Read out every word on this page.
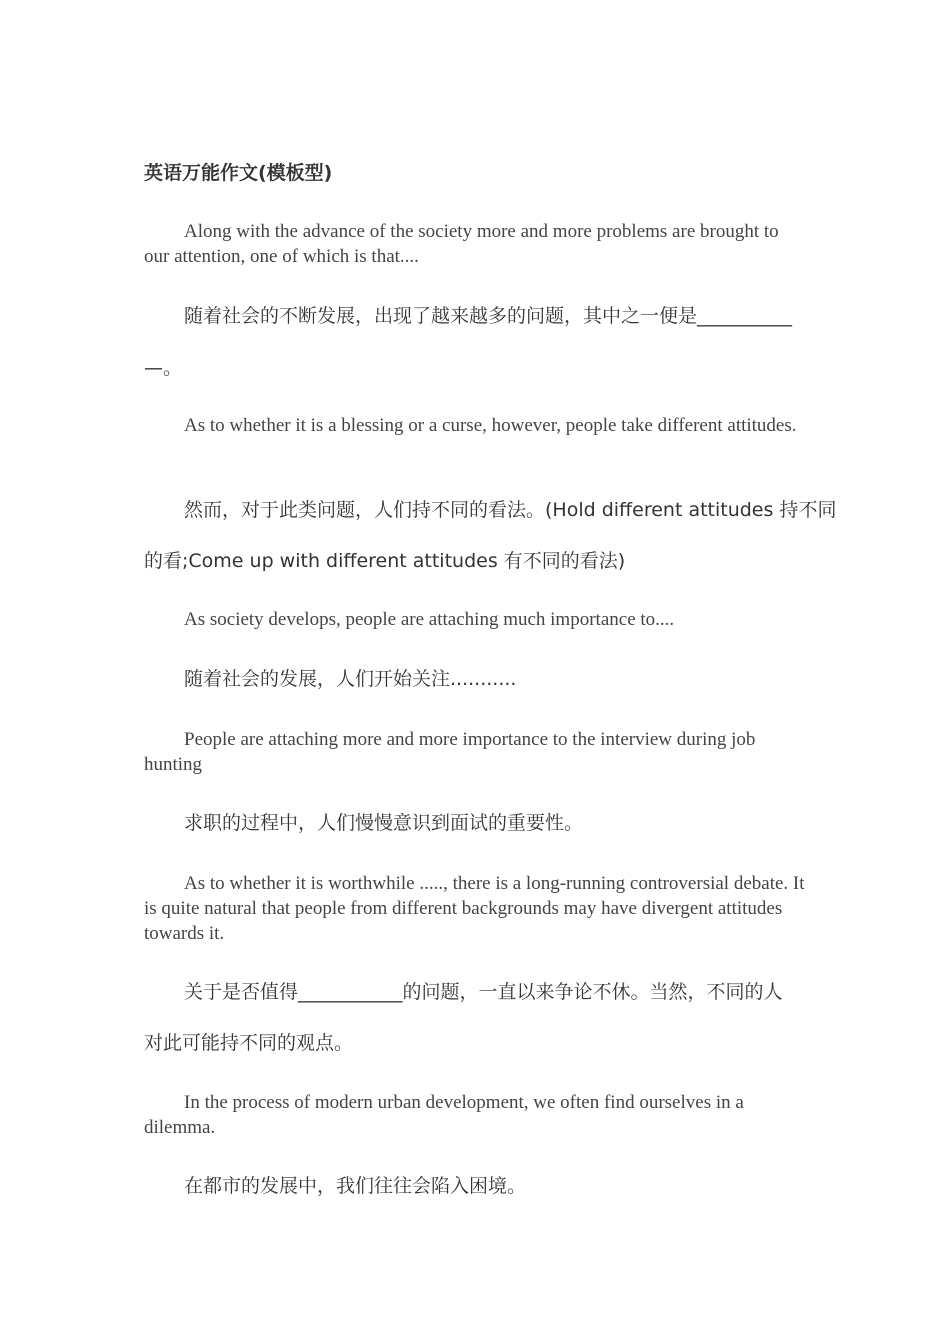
英语万能作文(模板型)

Along with the advance of the society more and more problems are brought to our attention, one of which is that....

随着社会的不断发展，出现了越来越多的问题，其中之一便是__________

—。

As to whether it is a blessing or a curse, however, people take different attitudes.

然而，对于此类问题，人们持不同的看法。(Hold different attitudes 持不同
的看;Come up with different attitudes 有不同的看法)

As society develops, people are attaching much importance to....

随着社会的发展，人们开始关注...........

People are attaching more and more importance to the interview during job hunting

求职的过程中，人们慢慢意识到面试的重要性。

As to whether it is worthwhile ....., there is a long-running controversial debate. It is quite natural that people from different backgrounds may have divergent attitudes towards it.

关于是否值得___________的问题，一直以来争论不休。当然，不同的人
对此可能持不同的观点。

In the process of modern urban development, we often find ourselves in a dilemma.

在都市的发展中，我们往往会陷入困境。
